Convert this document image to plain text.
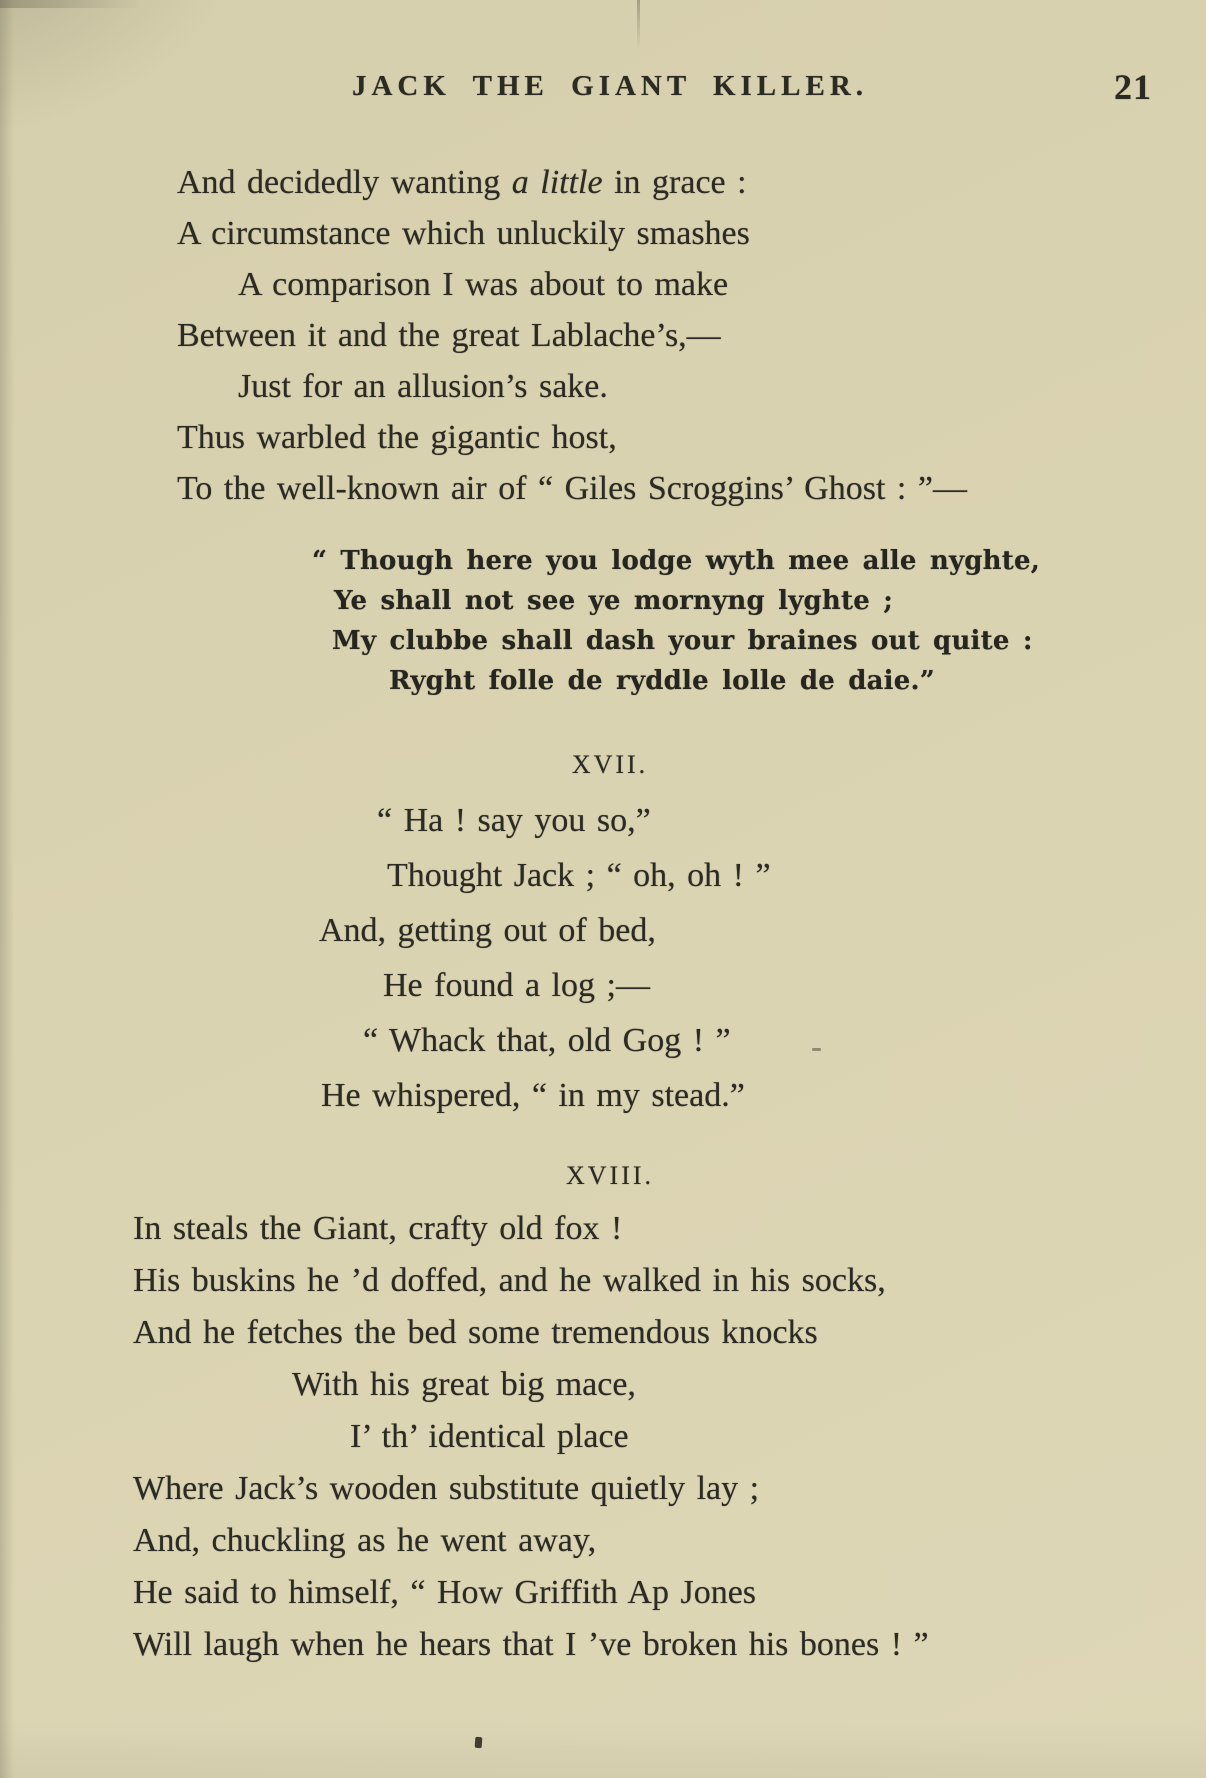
JACK THE GIANT KILLER.	21
And decidedly wanting a little in grace :
A circumstance which unluckily smashes
A comparison I was about to make
Between it and the great Lablache’s,—
Just for an allusion’s sake.
Thus warbled the gigantic host,
To the well-known air of “ Giles Scroggins’ Ghost : ”—
“ Though here you lodge wyth mee alle nyghte,
Ye shall not see ye mornyng lyghte ;
My clubbe shall dash your braines out quite :
Ryght folle de ryddle lolle de daie.”
XVII.
“ Ha ! say you so,”
Thought Jack ; “ oh, oh ! ”
And, getting out of bed,
He found a log ;—
“ Whack that, old Gog ! ”
He whispered, “ in my stead.”
XVIII.
In steals the Giant, crafty old fox !
His buskins he ’d doffed, and he walked in his socks,
And he fetches the bed some tremendous knocks
With his great big mace,
I’ th’ identical place
Where Jack’s wooden substitute quietly lay ;
And, chuckling as he went away,
He said to himself, “ How Griffith Ap Jones
Will laugh when he hears that I ’ve broken his bones ! ”
